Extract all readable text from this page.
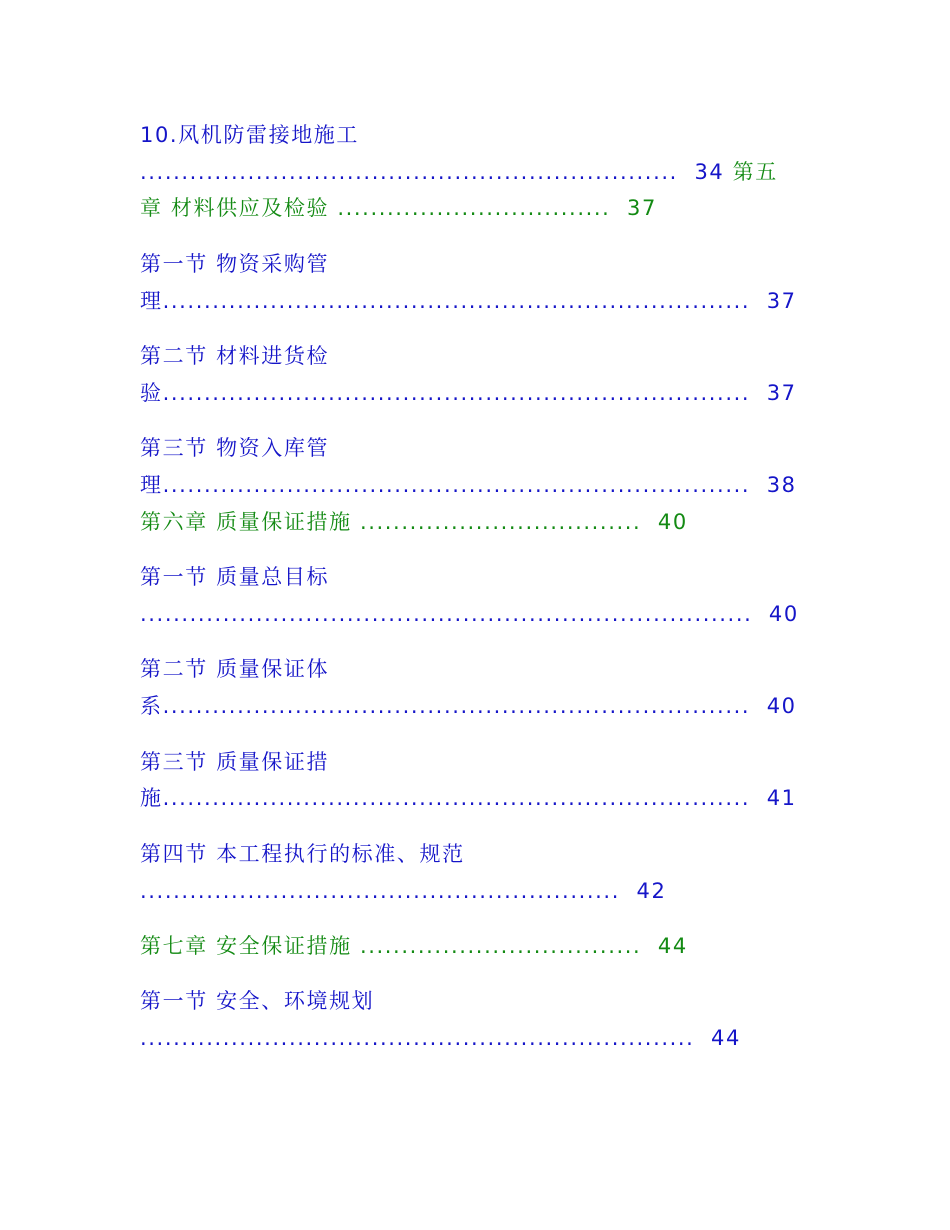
10.风机防雷接地施工
.................................................................  34 第五
章 材料供应及检验 .................................  37
第一节 物资采购管
理.......................................................................  37
第二节 材料进货检
验.......................................................................  37
第三节 物资入库管
理.......................................................................  38
第六章 质量保证措施 ..................................  40
第一节 质量总目标
..........................................................................  40
第二节 质量保证体
系.......................................................................  40
第三节 质量保证措
施.......................................................................  41
第四节 本工程执行的标准、规范
..........................................................  42
第七章 安全保证措施 ..................................  44
第一节 安全、环境规划
...................................................................  44
